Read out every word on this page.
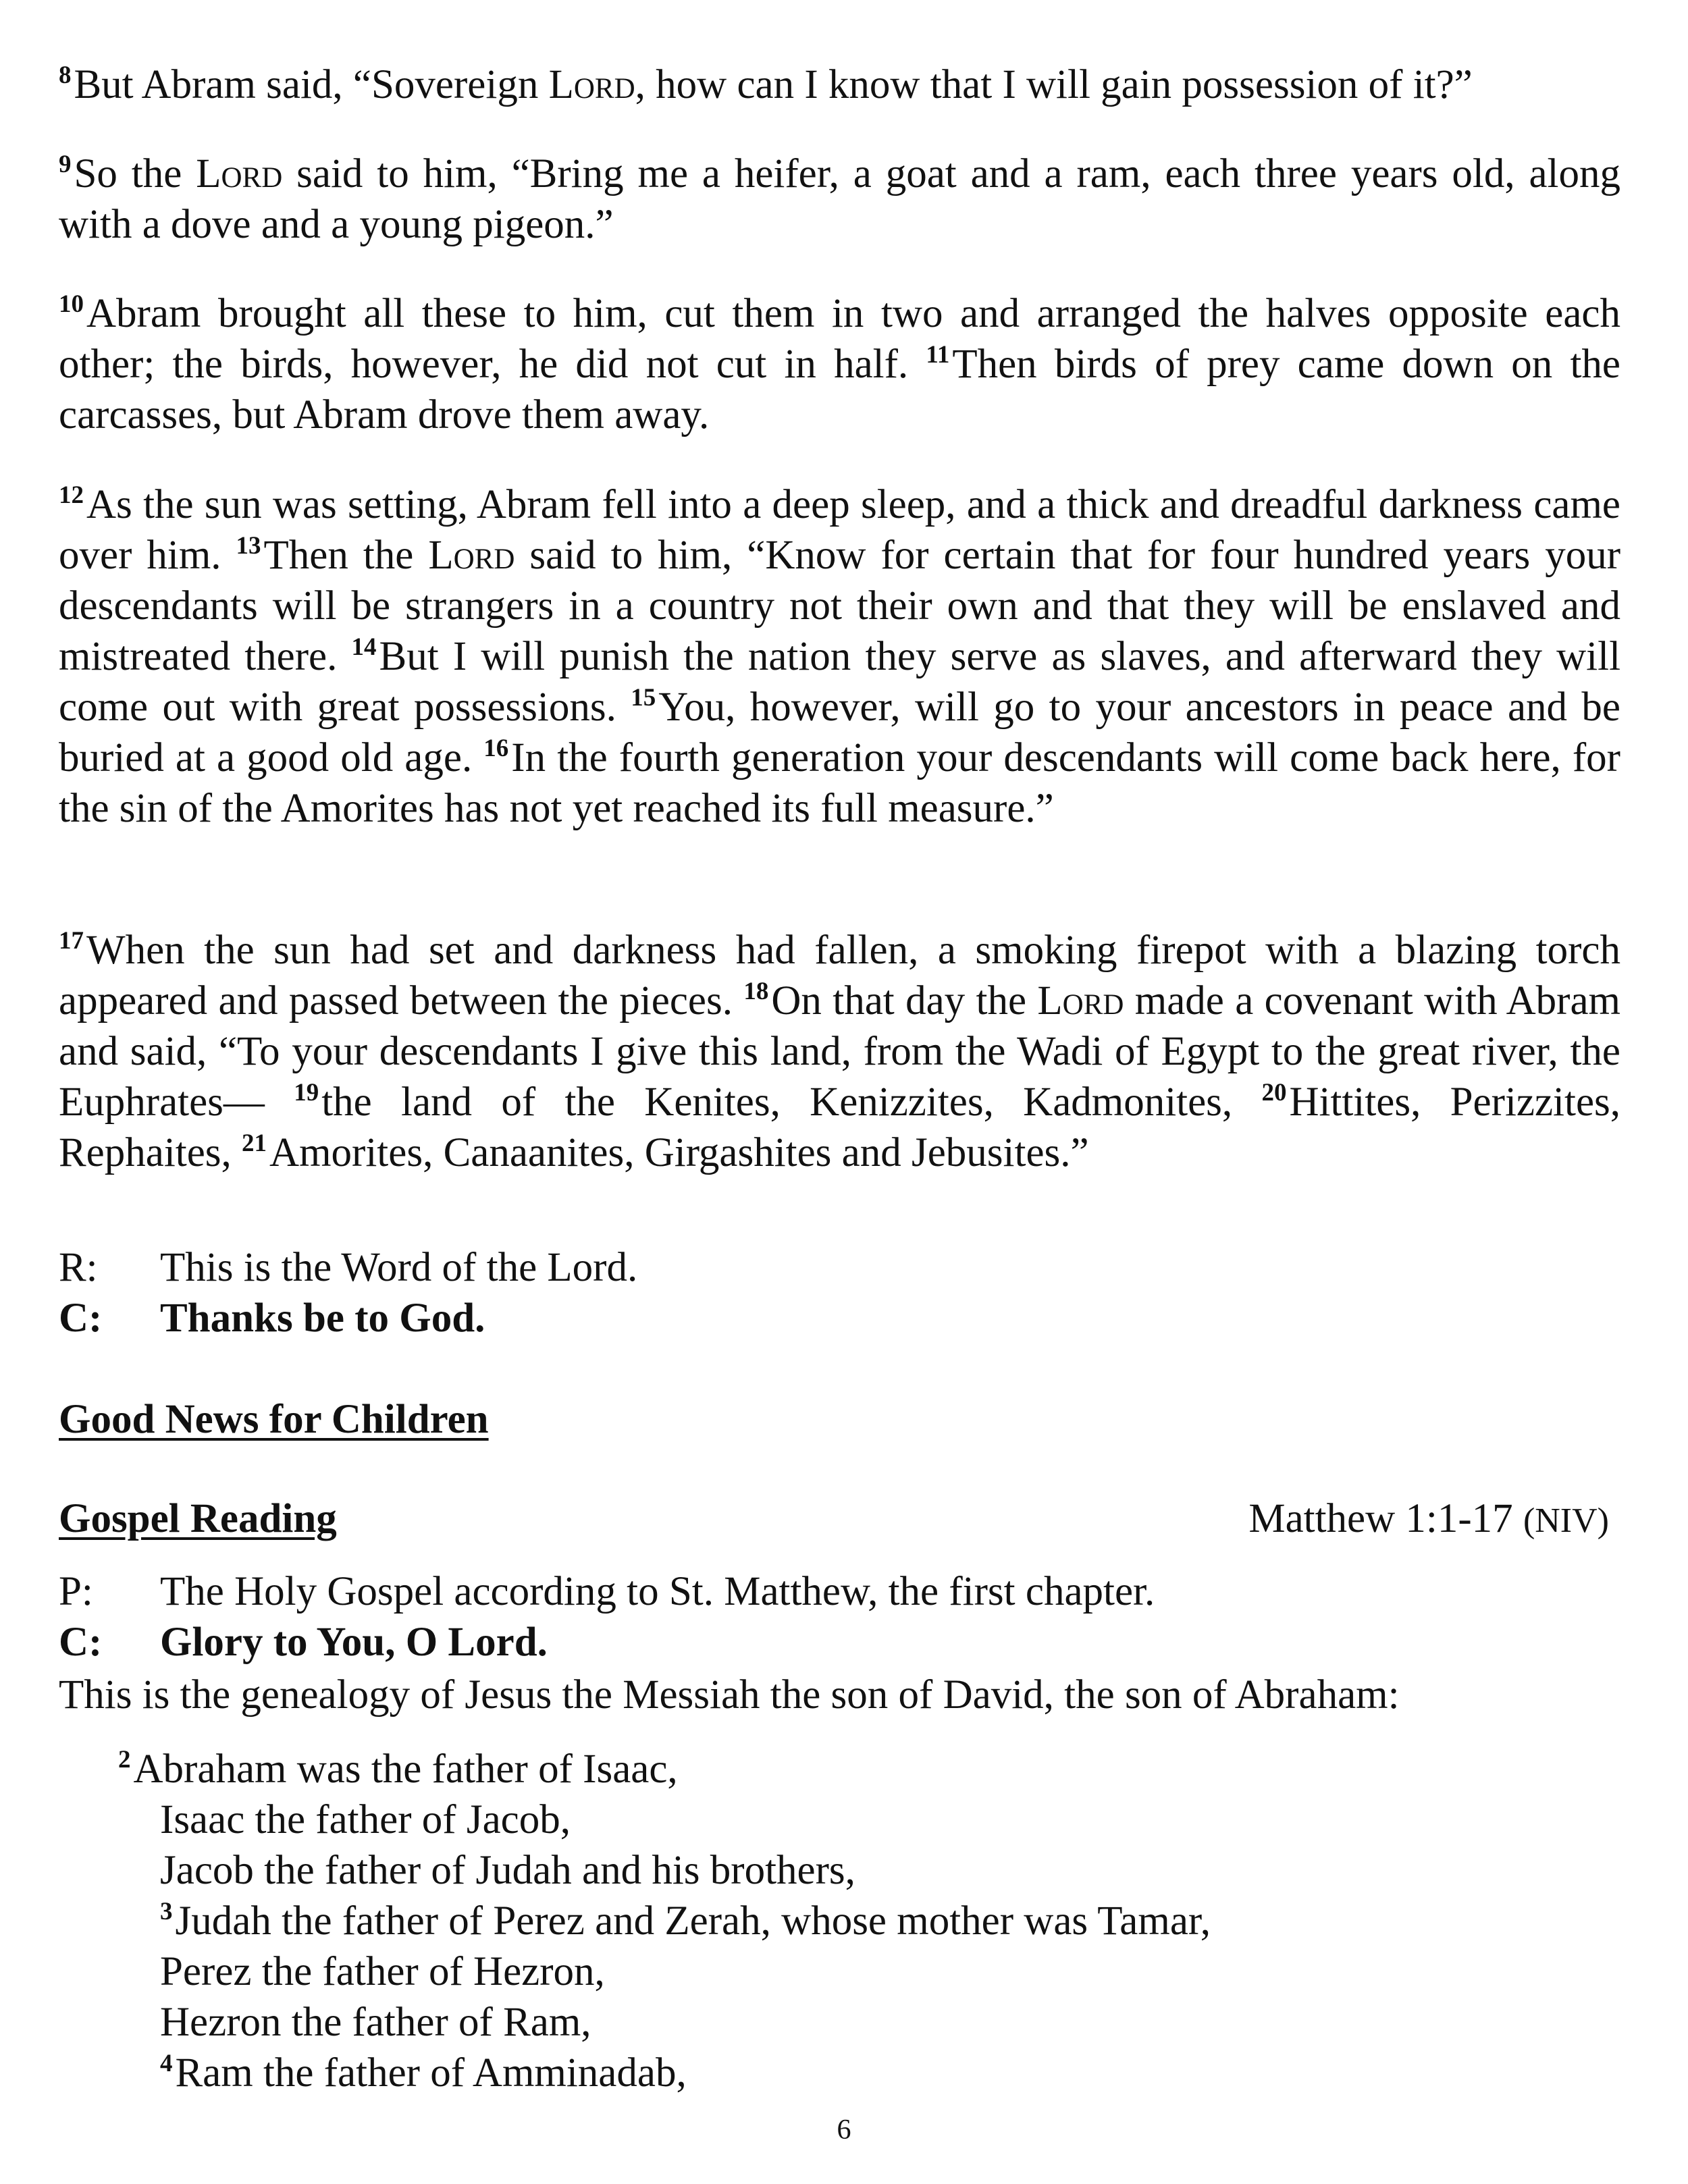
$^8$But Abram said, “Sovereign Lord, how can I know that I will gain possession of it?”
$^9$So the Lord said to him, “Bring me a heifer, a goat and a ram, each three years old, along with a dove and a young pigeon.”
$^{10}$Abram brought all these to him, cut them in two and arranged the halves opposite each other; the birds, however, he did not cut in half. $^{11}$Then birds of prey came down on the carcasses, but Abram drove them away.
$^{12}$As the sun was setting, Abram fell into a deep sleep, and a thick and dreadful darkness came over him. $^{13}$Then the Lord said to him, “Know for certain that for four hundred years your descendants will be strangers in a country not their own and that they will be enslaved and mistreated there. $^{14}$But I will punish the nation they serve as slaves, and afterward they will come out with great possessions. $^{15}$You, however, will go to your ancestors in peace and be buried at a good old age. $^{16}$In the fourth generation your descendants will come back here, for the sin of the Amorites has not yet reached its full measure.”
$^{17}$When the sun had set and darkness had fallen, a smoking firepot with a blazing torch appeared and passed between the pieces. $^{18}$On that day the Lord made a covenant with Abram and said, “To your descendants I give this land, from the Wadi of Egypt to the great river, the Euphrates— $^{19}$the land of the Kenites, Kenizzites, Kadmonites, $^{20}$Hittites, Perizzites, Rephaites, $^{21}$Amorites, Canaanites, Girgashites and Jebusites.”
R: This is the Word of the Lord.
C: Thanks be to God.
Good News for Children
Gospel Reading	Matthew 1:1-17 (NIV)
P: The Holy Gospel according to St. Matthew, the first chapter.
C: Glory to You, O Lord.
This is the genealogy of Jesus the Messiah the son of David, the son of Abraham:
$^2$Abraham was the father of Isaac,
Isaac the father of Jacob,
Jacob the father of Judah and his brothers,
$^3$Judah the father of Perez and Zerah, whose mother was Tamar,
Perez the father of Hezron,
Hezron the father of Ram,
$^4$Ram the father of Amminadab,
6
